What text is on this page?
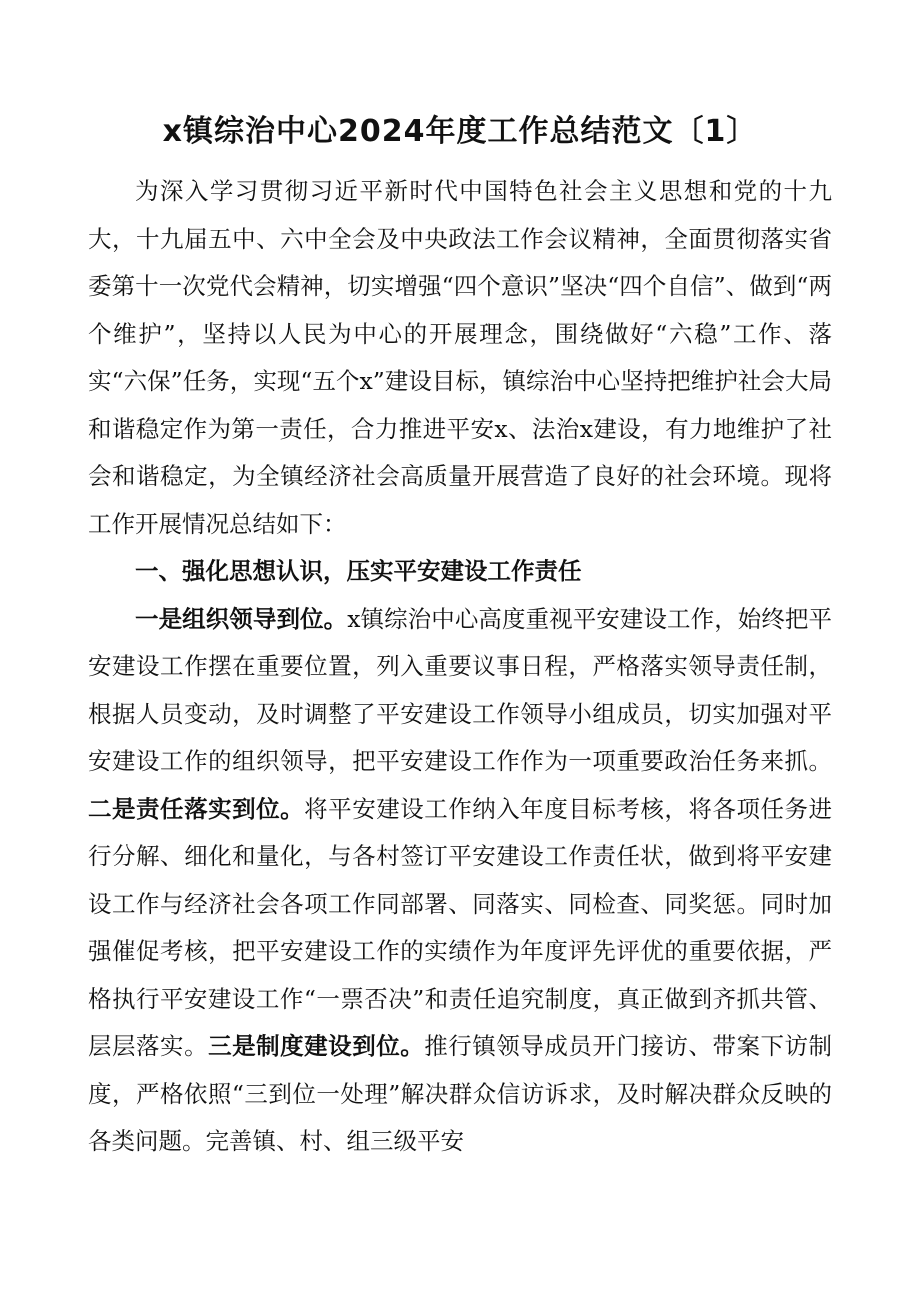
x镇综治中心2024年度工作总结范文〔1〕

为深入学习贯彻习近平新时代中国特色社会主义思想和党的十九大，十九届五中、六中全会及中央政法工作会议精神，全面贯彻落实省委第十一次党代会精神，切实增强“四个意识”坚决“四个自信”、做到“两个维护”，坚持以人民为中心的开展理念，围绕做好“六稳”工作、落实“六保”任务，实现“五个x”建设目标，镇综治中心坚持把维护社会大局和谐稳定作为第一责任，合力推进平安x、法治x建设，有力地维护了社会和谐稳定，为全镇经济社会高质量开展营造了良好的社会环境。现将工作开展情况总结如下：

一、强化思想认识，压实平安建设工作责任

一是组织领导到位。x镇综治中心高度重视平安建设工作，始终把平安建设工作摆在重要位置，列入重要议事日程，严格落实领导责任制，根据人员变动，及时调整了平安建设工作领导小组成员，切实加强对平安建设工作的组织领导，把平安建设工作作为一项重要政治任务来抓。二是责任落实到位。将平安建设工作纳入年度目标考核，将各项任务进行分解、细化和量化，与各村签订平安建设工作责任状，做到将平安建设工作与经济社会各项工作同部署、同落实、同检查、同奖惩。同时加强催促考核，把平安建设工作的实绩作为年度评先评优的重要依据，严格执行平安建设工作“一票否决”和责任追究制度，真正做到齐抓共管、层层落实。三是制度建设到位。推行镇领导成员开门接访、带案下访制度，严格依照“三到位一处理”解决群众信访诉求，及时解决群众反映的各类问题。完善镇、村、组三级平安
